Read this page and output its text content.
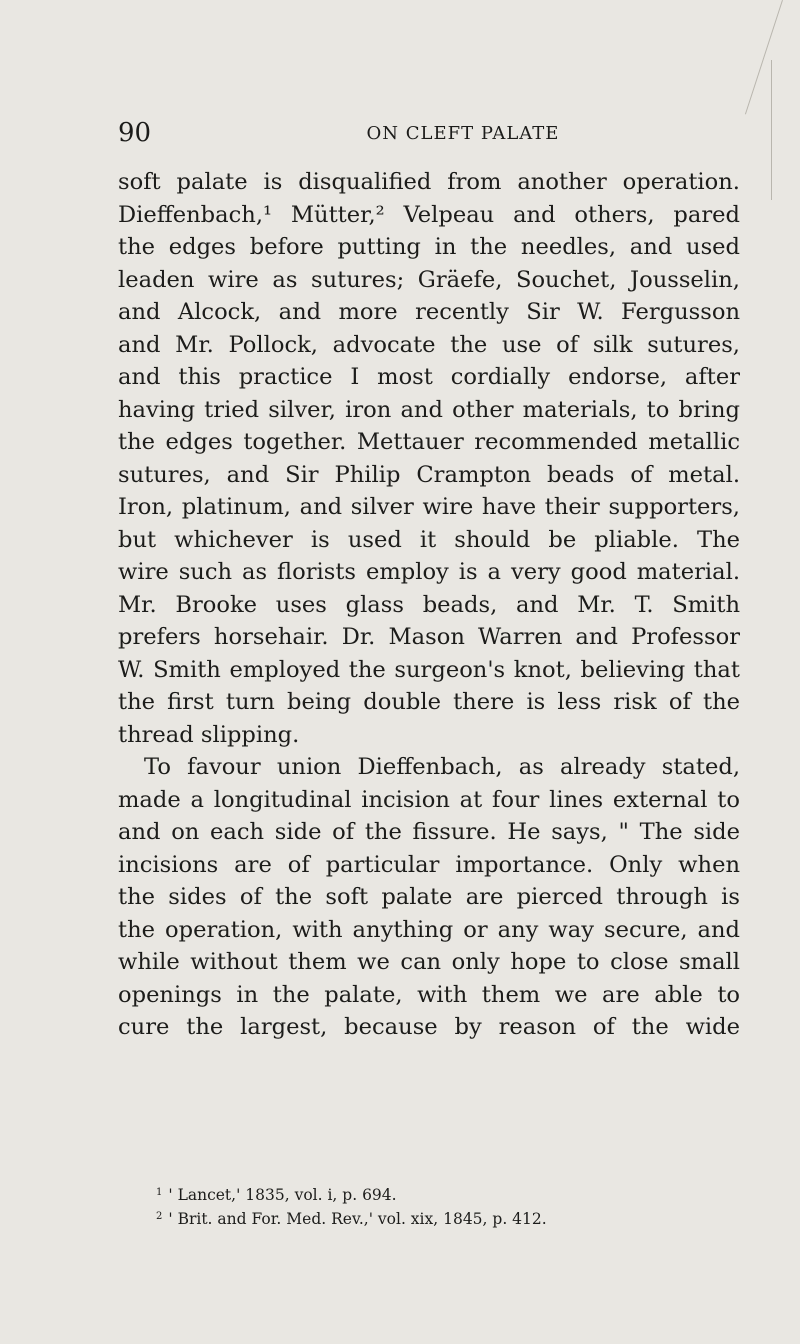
90	ON CLEFT PALATE
soft palate is disqualified from another operation.
Dieffenbach,¹ Mütter,² Velpeau and others, pared
the edges before putting in the needles, and used
leaden wire as sutures; Gräefe, Souchet, Jousselin,
and Alcock, and more recently Sir W. Fergusson
and Mr. Pollock, advocate the use of silk sutures,
and this practice I most cordially endorse, after
having tried silver, iron and other materials, to bring
the edges together. Mettauer recommended metallic
sutures, and Sir Philip Crampton beads of metal.
Iron, platinum, and silver wire have their supporters,
but whichever is used it should be pliable. The
wire such as florists employ is a very good material.
Mr. Brooke uses glass beads, and Mr. T. Smith
prefers horsehair. Dr. Mason Warren and Professor
W. Smith employed the surgeon's knot, believing that
the first turn being double there is less risk of the
thread slipping.
To favour union Dieffenbach, as already stated,
made a longitudinal incision at four lines external to
and on each side of the fissure. He says, " The side
incisions are of particular importance. Only when
the sides of the soft palate are pierced through is
the operation, with anything or any way secure, and
while without them we can only hope to close small
openings in the palate, with them we are able to
cure the largest, because by reason of the wide
$^1$ ' Lancet,' 1835, vol. i, p. 694.
$^2$ ' Brit. and For. Med. Rev.,' vol. xix, 1845, p. 412.
